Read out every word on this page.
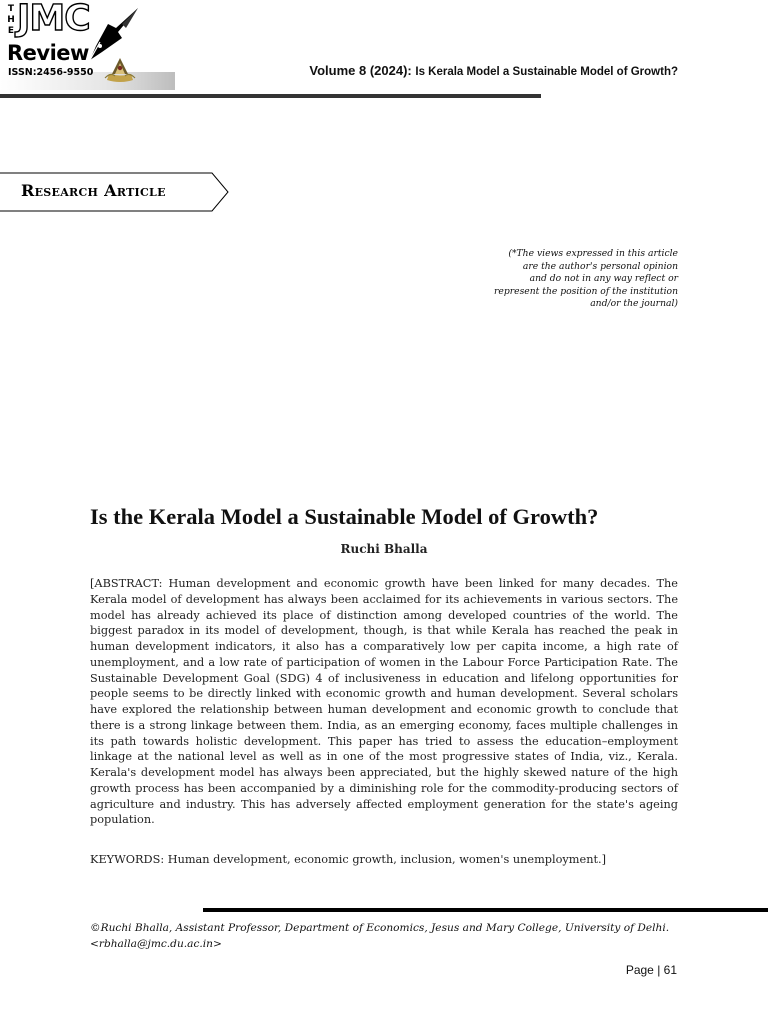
T
H
E JMC
Review
ISSN:2456-9550	Volume 8 (2024): Is Kerala Model a Sustainable Model of Growth?
Research Article
(*The views expressed in this article
are the author's personal opinion
and do not in any way reflect or
represent the position of the institution
and/or the journal)
Is the Kerala Model a Sustainable Model of Growth?
Ruchi Bhalla

[ABSTRACT: Human development and economic growth have been linked for many decades. The Kerala model of development has always been acclaimed for its achievements in various sectors. The model has already achieved its place of distinction among developed countries of the world. The biggest paradox in its model of development, though, is that while Kerala has reached the peak in human development indicators, it also has a comparatively low per capita income, a high rate of unemployment, and a low rate of participation of women in the Labour Force Participation Rate. The Sustainable Development Goal (SDG) 4 of inclusiveness in education and lifelong opportunities for people seems to be directly linked with economic growth and human development. Several scholars have explored the relationship between human development and economic growth to conclude that there is a strong linkage between them. India, as an emerging economy, faces multiple challenges in its path towards holistic development. This paper has tried to assess the education–employment linkage at the national level as well as in one of the most progressive states of India, viz., Kerala. Kerala's development model has always been appreciated, but the highly skewed nature of the high growth process has been accompanied by a diminishing role for the commodity-producing sectors of agriculture and industry. This has adversely affected employment generation for the state's ageing population.

KEYWORDS: Human development, economic growth, inclusion, women's unemployment.]

©Ruchi Bhalla, Assistant Professor, Department of Economics, Jesus and Mary College, University of Delhi.
<rbhalla@jmc.du.ac.in>
Page | 61
